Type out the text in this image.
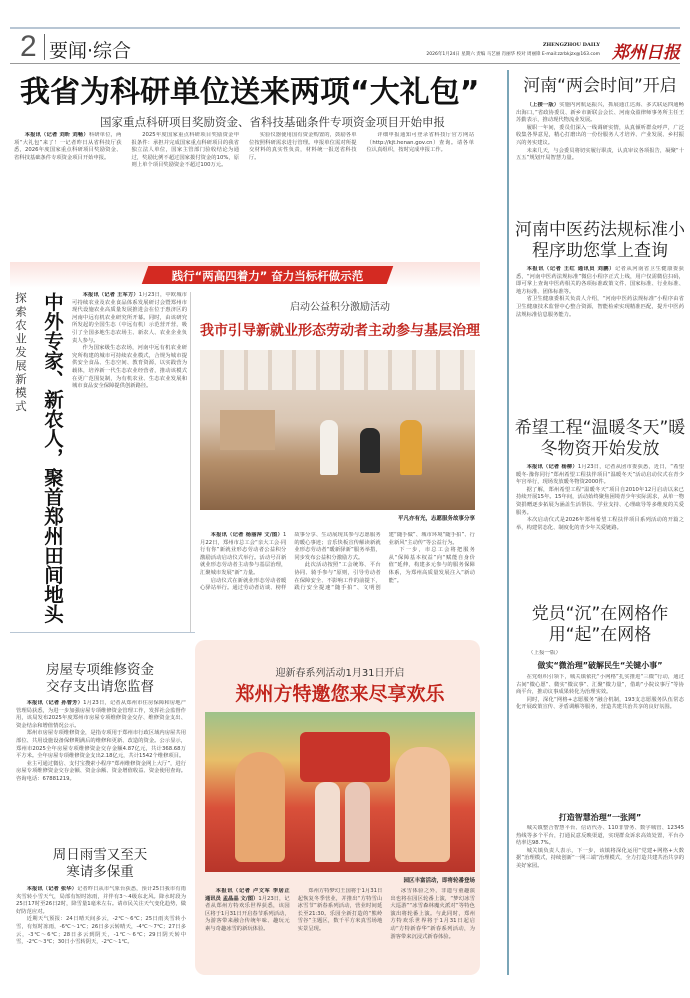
2 要闻·综合	ZHENGZHOU DAILY
2026年1月24日 星期六 责编 马艺丽 肖丽华 校对 周丽锋 E-mail:zzrbkjzx@163.com 郑州日报
我省为科研单位送来两项“大礼包”
国家重点科研项目奖励资金、省科技基础条件专项资金项目开始申报

本报讯（记者 刘昕 刘畅）科研单位，两项“大礼包”来了！一记者昨日从省科技厅获悉，2026年度国家重点科研项目奖励资金、省科技基础条件专项资金项目开始申报。

2025年度国家重点科研项目奖励资金申报条件：承担并完成国家重点科研项目的我省独立法人单位，国家主管部门验收结论为通过，奖励比例不超过国家拨付资金的10%，原则上单个项目奖励资金不超过100万元。

实验仪器使用国有资金购置的，鼓励各单位按照科研需求进行管理。申报单位需对所提交材料的真实性负责，材料统一报送省科技厅。

详细申报通知可登录省科技厅官方网站（http://kjt.henan.gov.cn）查询。请各单位认真组织，按时完成申报工作。

河南“两会时间”开启

（上接一版）实施内河航运振兴，抓展通江达海、多式联运四通畅出海口，”省政协委员、新乡市新联会会长、河南众盈律师事务所主任王苏勤表示，推动现代物流业发展。

履职一年间，委员们深入一线调研实情，从真倾听群众呼声，广泛收集各界意见，精心打磨出的一份份服务人才培养、产业发展、乡村振兴的务实建议。

未来几天，与会委员将切实履行职责，认真审议各项报告，凝聚“十五五”规划开局智慧力量。

河南中医药法规标准小程序助您掌上查询

本报讯（记者 王红 通讯员 刘鹏）记者从河南省卫生健康委获悉，“河南中医药法规标准”微信小程序正式上线，用户仅需微信扫码，即可掌上查询中医药相关的各项标准政策文件、国家标准、行业标准、地方标准、团体标准等。

省卫生健康委相关负责人介绍，“河南中医药法规标准”小程序由省卫生健康技术监督中心整合资源，智能检索实现精准匹配，提升中医药法规标准信息服务能力。

希望工程“温暖冬天”暖冬物资开始发放

本报讯（记者 杨柳）1月23日，记者从团市委获悉，近日，“希望暖冬·豫你同行”郑州希望工程扶伴项目“温暖冬天”活动启动仪式在青少年宫举行，现场发放暖冬物资2000件。

据了解，郑州希望工程“温暖冬天”项目自2010年12月启动以来已持续开展15年。15年间，活动始终聚焦困境青少年实际需求，从单一物资捐赠逐步拓展为涵盖生活帮扶、学业支持、心理疏导等多维度的关爱服务。

本次启动仪式是2026年郑州希望工程扶伴项目系列活动的开篇之举，构建常态化、制度化的青少年关爱链路。

党员“沉”在网格作用“起”在网格
（上接一版）
做实“微治理”破解民生“关键小事”

在党组织引领下，城关镇依托“小网格”扎实推进“三微”行动，通过古间“微心愿”、微实“微议事”、汇聚“微力量”，借助“小院议事厅”等协商平台，推动议事成果转化为治理实效。

同时，深化“网格+志愿服务”融合机制，193支志愿服务队伍常态化开展政策宣传、矛盾调解等服务，营造共建共治共享的良好氛围。

打造智慧治理“一张网”

城关镇整合智慧平台、信访代办、110非警务、数字城管、12345热线等多个平台，打通民意反映渠道，实现群众诉求高效处置，平台办结率达98.7%。

城关镇负责人表示，下一步，该镇将深化运用“党建+网格+大数据”治理模式，持续创新“一网三端”治理模式，全力打造共建共治共享的美好家园。

践行“两高四着力” 奋力当标杆做示范
探索农业发展新模式 中外专家、新农人，聚首郑州田间地头	本报讯（记者 王军方）1月23日，中欧城市可持续农业及农业食品体系发展研讨会暨郑州市现代设施农业高质量发展推进会在位于惠济区的河南中远有机农业研究所开幕。同时，由该研究所发起的全国生态（中远有机）示范营开营，吸引了全国多地生态农场主、新农人、农业企业负责人参与。

作为国家级生态农场，河南中远有机农业研究所构建的城市可持续农业模式，合规为城市提供安全食品、生态空间、教育资源，以实践营为载体，培养新一代生态农业经营者，推动该模式在更广范围复制，为有机农业、生态农业发展和城市食品安全保障提供创新路径。

启动公益积分激励活动
我市引导新就业形态劳动者主动参与基层治理
平凡亦有光，志愿服务故事分享

本报讯（记者 杨丽萍 文/图）1月22日，郑州市总工会“亲大工会·同行有你”新就业形态劳动者公益积分激励活动启动仪式举行。活动号召新就业形态劳动者主动参与基层治理，汇聚城市发展“新”力量。

启动仪式在新就业形态劳动者暖心驿站举行。通过劳动者访谈、榜样故事分享、生动展现其参与志愿服务的暖心事迹；音乐快板宣传解读新就业形态劳动者“暖新驿新”服务举措，同步发布公益积分激励方式。

此次活动按照“工会统筹、平台协同、骑手参与”原则，引导劳动者在保障安全、不影响工作的前提下，践行安全提速“随手拍”、文明创建“随手做”、城市环境“随手拍”、行业新风“主动传”等公益行为。

下一步，市总工会将把服务从“保障基本权益”向“赋能自身价值”延伸，构建多元参与的服务保障体系，为郑州高质量发展注入“新动能”。

房屋专项维修资金交存支出请您监督

本报讯（记者 孙曾芳）1月23日，记者从郑州市住房保障和房地产管理局获悉，为进一步加强房屋专项维修资金管理工作，发挥社会监督作用，该局发布2025年度郑州市房屋专项维修资金交存、维修资金支出、资金结余和增值情况公示。

郑州市房屋专项维修资金，是指专项用于郑州市行政区域内房屋共用部位、共用设施设备保修期满后的维修和更新、改造的资金。公示显示，郑州市2025全年房屋专项维修资金交存金额4.87亿元，共计368.68万平方米。全年房屋专项维修资金支出2.18亿元，共计1542个维修项目。

业主可通过微信、支付宝搜索小程序“郑州维修资金网上大厅”，进行房屋专项维修资金交存金额、资金余额、资金增值收益、资金使用查询。咨询电话：67881219。

周日雨雪又至天寒请多保重

本报讯（记者 张华）记者昨日从市气象台获悉，预计25日我市有雨夹雪转小雪天气，局部有短时冻雨，并伴有3～4级东北风。降水时段为25日17时至26日2时，降雪量1毫米左右。请市民关注天气变化趋势，做好防范应对。

近期天气预报：24日晴天间多云，-2℃～6℃；25日雨夹雪转小雪，有短时冻雨，-6℃～1℃；26日多云转晴天，-4℃～7℃；27日多云，-3℃～6℃；28日多云到阴天，-1℃～6℃；29日阴天转中雪，-2℃～3℃；30日小雪转阴天，-2℃～1℃。

迎新春系列活动1月31日开启
郑州方特邀您来尽享欢乐
园区丰富活动，即将轮番登场

本报讯（记者 卢文军 李居正 通讯员 孟晶晶 文/图）1月23日，记者从郑州方特欢乐世界获悉，该园区将于1月31日开启春节系列活动，为游客带来融合传统年味、趣玩元素与奇趣冰雪的新玩体验。

郑州方特梦幻王国将于1月31日起恢复冬季营业，并推出“方特雪山冰雪节”新春系列活动，营业时间延长至21:30。乐园全新打造的“熊岭雪谷”主题区，数千平方米真雪场地实景呈现。

冰雪体验之外，非遗与童趣演出也将在园区轮番上演，“梦幻冰雪大巡游”“冰雪森林魔火派对”等特色演出将轮番上演。与此同时，郑州方特欢乐世界将于1月31日起启动“方特新春华”新春系列活动，为游客带来沉浸式新春体验。
